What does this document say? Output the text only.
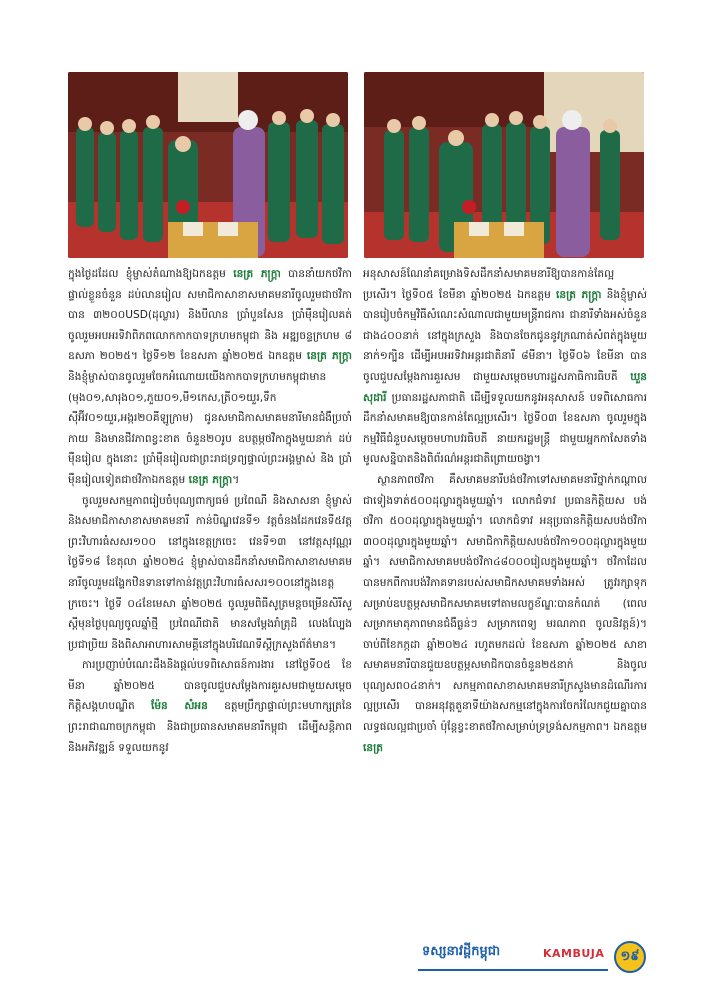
ក្នុងថ្ងៃដដែល ខ្ញុំម្ចាស់តំណាងឱ្យឯកឧត្តម នេត្រ ភក្ត្រា បាននាំយកថវិកាផ្ទាល់ខ្លួនចំនួន ដប់លានរៀល សមាជិកាសាខាសមាគមនារីចូលរួមជាថវិកាបាន ៣២០០USD(ដុល្លារ) និងបីលាន ប្រាំបួនសែន ប្រាំម៉ឺនរៀលគត់ ចូលរួមអបអរទិវាពិភពលោកកាកបាទក្រហមកម្ពុជា និង អឌ្ឍចន្ទក្រហម ៨ ឧសភា ២០២៥។ ថ្ងៃទី១២ ខែឧសភា ឆ្នាំ២០២៥ ឯកឧត្តម នេត្រ ភក្ត្រា និងខ្ញុំម្ចាស់បានចូលរួមចែកអំណោយយើងកាកបាទក្រហមកម្ពុជាមាន (មុង០១,សារុង០១,ភួយ០១,មី១កេស,ត្រី០១យួរ,ទឹកស៊ីអ៊ីវ០១យួរ,អង្ករ២០គីឡូក្រាម) ជូនសមាជិកាសមាគមនារីមានជំងឺប្រចាំកាយ និងមានជីវភាពខ្វះខាត ចំនួន២០រូប ឧបត្ថម្ភថវិកាក្នុងមួយនាក់ ដប់ម៉ឺនរៀល ក្នុងនោះ ប្រាំម៉ឺនរៀលជាព្រះរាជទ្រព្យផ្ទាល់ព្រះអង្គម្ចាស់ និង ប្រាំម៉ឺនរៀលទៀតជាថវិកាឯកឧត្តម នេត្រ ភក្ត្រា។

ចូលរួមសកម្មភាពរៀបចំបុណ្យពាក្យធម៌ ប្រពៃណី និងសាសនា ខ្ញុំម្ចាស់និងសមាជិកាសាខាសមាគមនារី កាន់បិណ្ឌវេនទី១ វត្តចំនងដែកវេនទី៥វត្តព្រះវិហារធំសសរ១០០ នៅក្នុងខេត្តក្រចេះ វេនទី១៣ នៅវត្តសុវណ្ណរ ថ្ងៃទី១៨ ខែតុលា ឆ្នាំ២០២៤ ខ្ញុំម្ចាស់បានដឹកនាំសមាជិកាសាខាសមាគមនារីចូលរួមដង្ហែកឋិនទានទៅកាន់វត្តព្រះវិហារធំសសរ១០០នៅក្នុងខេត្តក្រចេះ។ ថ្ងៃទី ០៤ខែមេសា ឆ្នាំ២០២៥ ចូលរួមពិធីសូត្រមន្តចម្រើនសិរីសួស្តីមុនថ្ងៃបុណ្យចូលឆ្នាំថ្មី ប្រពៃណីជាតិ មានសម្តែងរាំត្រុដិ លេងល្បែងប្រជាប្រិយ និងពិសាអាហារសាមគ្គីនៅក្នុងបរិវេណទីស្តីក្រសួងព័ត៌មាន។

ការប្រញាប់បំណេះដឹងនិងផ្តល់បទពិសោធន៍ការងារ នៅថ្ងៃទី០៥ ខែមីនា ឆ្នាំ២០២៥ បានចូលជួបសម្តែងការគួរសមជាមួយសម្តេចកិត្តិសង្គហបណ្ឌិត ម៉ែន សំអន ឧត្តមប្រឹក្សាផ្ទាល់ព្រះមហាក្សត្រនៃព្រះរាជាណាចក្រកម្ពុជា និងជាប្រធានសមាគមនារីកម្ពុជា ដើម្បីសន្តិភាព និងអភិវឌ្ឍន៍ ទទួលយកនូវ

អនុសាសន៍ណែនាំគម្រោងទិសដឹកនាំសមាគមនារីឱ្យបានកាន់តែល្អប្រសើរ។ ថ្ងៃទី០៥ ខែមីនា ឆ្នាំ២០២៥ ឯកឧត្តម នេត្រ ភក្ត្រា និងខ្ញុំម្ចាស់បានរៀបចំកម្មវិធីសំណេះសំណាលជាមួយមន្ត្រីរាជការ ជានារីទាំងអស់ចំនួនជាង៤០០នាក់ នៅក្នុងក្រសួង និងបានចែកជូននូវក្រណាត់សំពត់ក្នុងមួយនាក់១ក្បិន ដើម្បីអបអរទិវាអន្តរជាតិនារី ៨មីនា។ ថ្ងៃទី០៦ ខែមីនា បានចូលជួបសម្តែងការគួរសម ជាមួយសម្តេចមហារដ្ឋសភាធិការធិបតី ឃួន សុដារី ប្រធានរដ្ឋសភាជាតិ ដើម្បីទទួលយកនូវអនុសាសន៍ បទពិសោធការដឹកនាំសមាគមឱ្យបានកាន់តែល្អប្រសើរ។ ថ្ងៃទី០៣ ខែឧសភា ចូលរួមក្នុងកម្មវិធីជំនួបសម្តេចមហាបវរធិបតី នាយករដ្ឋមន្ត្រី ជាមួយអ្នកកាសែតទាំងមូលសន្និបាតនិងពិព័រណ៌អន្តរជាតិព្រោយចង្វា។

ស្ថានភាពថវិកា គឺសមាគមនារីបង់ថវិកាទៅសមាគមនារីថ្នាក់កណ្តាលជាទៀងទាត់៥០០ដុល្លារក្នុងមួយឆ្នាំ។ លោកជំទាវ ប្រធានកិត្តិយស បង់ថវិកា ៥០០ដុល្លារក្នុងមួយឆ្នាំ។ លោកជំទាវ អនុប្រធានកិត្តិយសបង់ថវិកា ៣០០ដុល្លារក្នុងមួយឆ្នាំ។ សមាជិកាកិត្តិយសបង់ថវិកា១០០ដុល្លារក្នុងមួយឆ្នាំ។ សមាជិកាសមាគមបង់ថវិកា៤៨០០០រៀលក្នុងមួយឆ្នាំ។ ថវិកាដែលបានមកពីការបង់វិភាគទានរបស់សមាជិកសមាគមទាំងអស់ ត្រូវរក្សាទុកសម្រាប់ឧបត្ថម្ភសមាជិកសមាគមទៅតាមលក្ខខ័ណ្ឌៈបានកំណត់ (ពេលសម្រាកមាតុភាពមានជំងឺធ្ងន់ៗ សម្រាកពេទ្យ មរណភាព ចូលនិវត្តន៍)។ ចាប់ពីខែកក្កដា ឆ្នាំ២០២៤ រហូតមកដល់ ខែឧសភា ឆ្នាំ២០២៥ សាខាសមាគមនារីបានជួយឧបត្ថម្ភសមាជិកបានចំនួន២៥នាក់ និងចូលបុណ្យសព០៤នាក់។ សកម្មភាពសាខាសមាគមនារីក្រសួងមានដំណើរការល្អប្រសើរ បានអនុវត្តតួនាទីយ៉ាងសកម្មនៅក្នុងការចែករំលែកជួយគ្នាបានលទ្ធផលល្អជាប្រចាំ ប៉ុន្តែខ្វះខាតថវិកាសម្រាប់ទ្រទ្រង់សកម្មភាព។ ឯកឧត្តម នេត្រ

ទស្សនាវដ្តីកម្ពុជា	KAMBUJA	១៩
